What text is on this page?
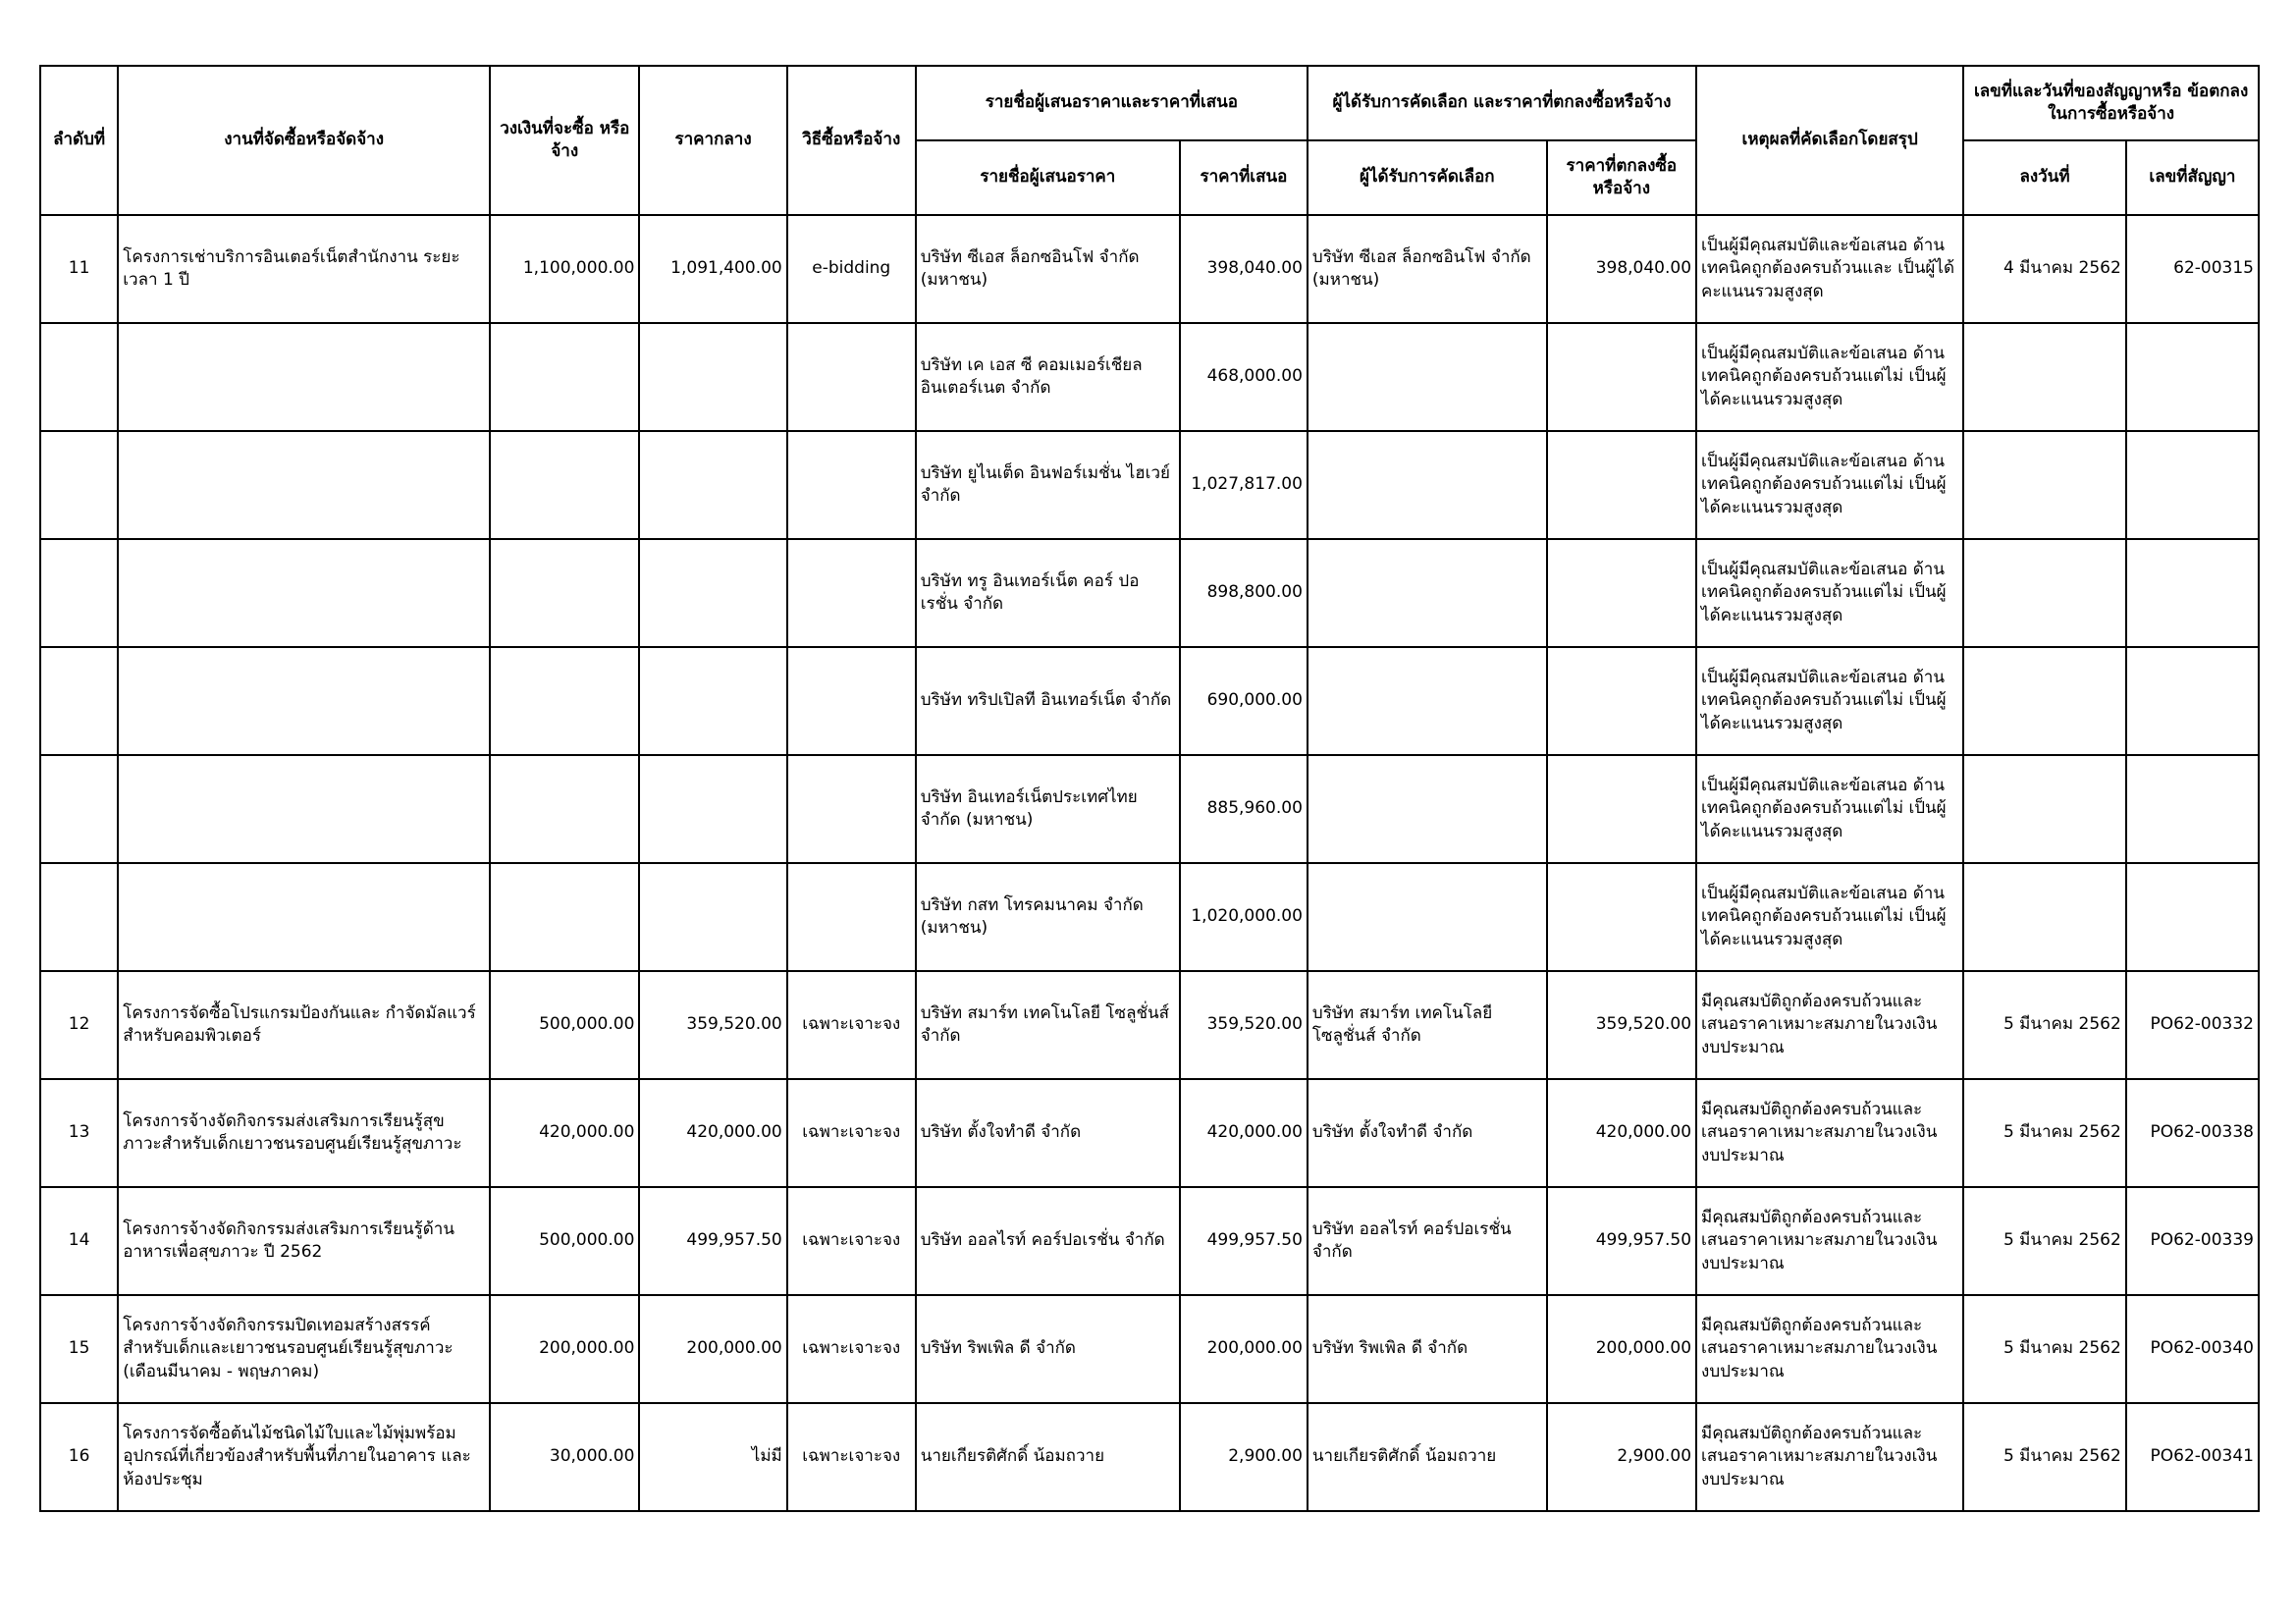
ลำดับที่	งานที่จัดซื้อหรือจัดจ้าง	วงเงินที่จะซื้อ หรือจ้าง	ราคากลาง	วิธีซื้อหรือจ้าง	รายชื่อผู้เสนอราคาและราคาที่เสนอ		ผู้ได้รับการคัดเลือก และราคาที่ตกลงซื้อหรือจ้าง		เหตุผลที่คัดเลือกโดยสรุป	เลขที่และวันที่ของสัญญาหรือ ข้อตกลงในการซื้อหรือจ้าง	
					รายชื่อผู้เสนอราคา	ราคาที่เสนอ	ผู้ได้รับการคัดเลือก	ราคาที่ตกลงซื้อ หรือจ้าง		ลงวันที่	เลขที่สัญญา
11	โครงการเช่าบริการอินเตอร์เน็ตสำนักงาน ระยะเวลา 1 ปี	1,100,000.00	1,091,400.00	e-bidding	บริษัท ซีเอส ล็อกซอินโฟ จำกัด (มหาชน)	398,040.00	บริษัท ซีเอส ล็อกซอินโฟ จำกัด (มหาชน)	398,040.00	เป็นผู้มีคุณสมบัติและข้อเสนอ ด้านเทคนิคถูกต้องครบถ้วนและ เป็นผู้ได้คะแนนรวมสูงสุด	4 มีนาคม 2562	62-00315
					บริษัท เค เอส ซี คอมเมอร์เชียล อินเตอร์เนต จำกัด	468,000.00			เป็นผู้มีคุณสมบัติและข้อเสนอ ด้านเทคนิคถูกต้องครบถ้วนแต่ไม่ เป็นผู้ได้คะแนนรวมสูงสุด		
					บริษัท ยูไนเต็ด อินฟอร์เมชั่น ไฮเวย์ จำกัด	1,027,817.00			เป็นผู้มีคุณสมบัติและข้อเสนอ ด้านเทคนิคถูกต้องครบถ้วนแต่ไม่ เป็นผู้ได้คะแนนรวมสูงสุด		
					บริษัท ทรู อินเทอร์เน็ต คอร์ ปอเรชั่น จำกัด	898,800.00			เป็นผู้มีคุณสมบัติและข้อเสนอ ด้านเทคนิคถูกต้องครบถ้วนแต่ไม่ เป็นผู้ได้คะแนนรวมสูงสุด		
					บริษัท ทริปเปิลที อินเทอร์เน็ต จำกัด	690,000.00			เป็นผู้มีคุณสมบัติและข้อเสนอ ด้านเทคนิคถูกต้องครบถ้วนแต่ไม่ เป็นผู้ได้คะแนนรวมสูงสุด		
					บริษัท อินเทอร์เน็ตประเทศไทย จำกัด (มหาชน)	885,960.00			เป็นผู้มีคุณสมบัติและข้อเสนอ ด้านเทคนิคถูกต้องครบถ้วนแต่ไม่ เป็นผู้ได้คะแนนรวมสูงสุด		
					บริษัท กสท โทรคมนาคม จำกัด (มหาชน)	1,020,000.00			เป็นผู้มีคุณสมบัติและข้อเสนอ ด้านเทคนิคถูกต้องครบถ้วนแต่ไม่ เป็นผู้ได้คะแนนรวมสูงสุด		
12	โครงการจัดซื้อโปรแกรมป้องกันและ กำจัดมัลแวร์สำหรับคอมพิวเตอร์	500,000.00	359,520.00	เฉพาะเจาะจง	บริษัท สมาร์ท เทคโนโลยี โซลูชั่นส์ จำกัด	359,520.00	บริษัท สมาร์ท เทคโนโลยี โซลูชั่นส์ จำกัด	359,520.00	มีคุณสมบัติถูกต้องครบถ้วนและ เสนอราคาเหมาะสมภายในวงเงิน งบประมาณ	5 มีนาคม 2562	PO62-00332
13	โครงการจ้างจัดกิจกรรมส่งเสริมการเรียนรู้สุข ภาวะสำหรับเด็กเยาวชนรอบศูนย์เรียนรู้สุขภาวะ	420,000.00	420,000.00	เฉพาะเจาะจง	บริษัท ตั้งใจทำดี จำกัด	420,000.00	บริษัท ตั้งใจทำดี จำกัด	420,000.00	มีคุณสมบัติถูกต้องครบถ้วนและ เสนอราคาเหมาะสมภายในวงเงิน งบประมาณ	5 มีนาคม 2562	PO62-00338
14	โครงการจ้างจัดกิจกรรมส่งเสริมการเรียนรู้ด้าน อาหารเพื่อสุขภาวะ ปี 2562	500,000.00	499,957.50	เฉพาะเจาะจง	บริษัท ออลไรท์ คอร์ปอเรชั่น จำกัด	499,957.50	บริษัท ออลไรท์ คอร์ปอเรชั่น จำกัด	499,957.50	มีคุณสมบัติถูกต้องครบถ้วนและ เสนอราคาเหมาะสมภายในวงเงิน งบประมาณ	5 มีนาคม 2562	PO62-00339
15	โครงการจ้างจัดกิจกรรมปิดเทอมสร้างสรรค์ สำหรับเด็กและเยาวชนรอบศูนย์เรียนรู้สุขภาวะ (เดือนมีนาคม - พฤษภาคม)	200,000.00	200,000.00	เฉพาะเจาะจง	บริษัท ริพเพิล ดี จำกัด	200,000.00	บริษัท ริพเพิล ดี จำกัด	200,000.00	มีคุณสมบัติถูกต้องครบถ้วนและ เสนอราคาเหมาะสมภายในวงเงิน งบประมาณ	5 มีนาคม 2562	PO62-00340
16	โครงการจัดซื้อต้นไม้ชนิดไม้ใบและไม้พุ่มพร้อม อุปกรณ์ที่เกี่ยวข้องสำหรับพื้นที่ภายในอาคาร และห้องประชุม	30,000.00	ไม่มี	เฉพาะเจาะจง	นายเกียรติศักดิ์ น้อมถวาย	2,900.00	นายเกียรติศักดิ์ น้อมถวาย	2,900.00	มีคุณสมบัติถูกต้องครบถ้วนและ เสนอราคาเหมาะสมภายในวงเงิน งบประมาณ	5 มีนาคม 2562	PO62-00341
